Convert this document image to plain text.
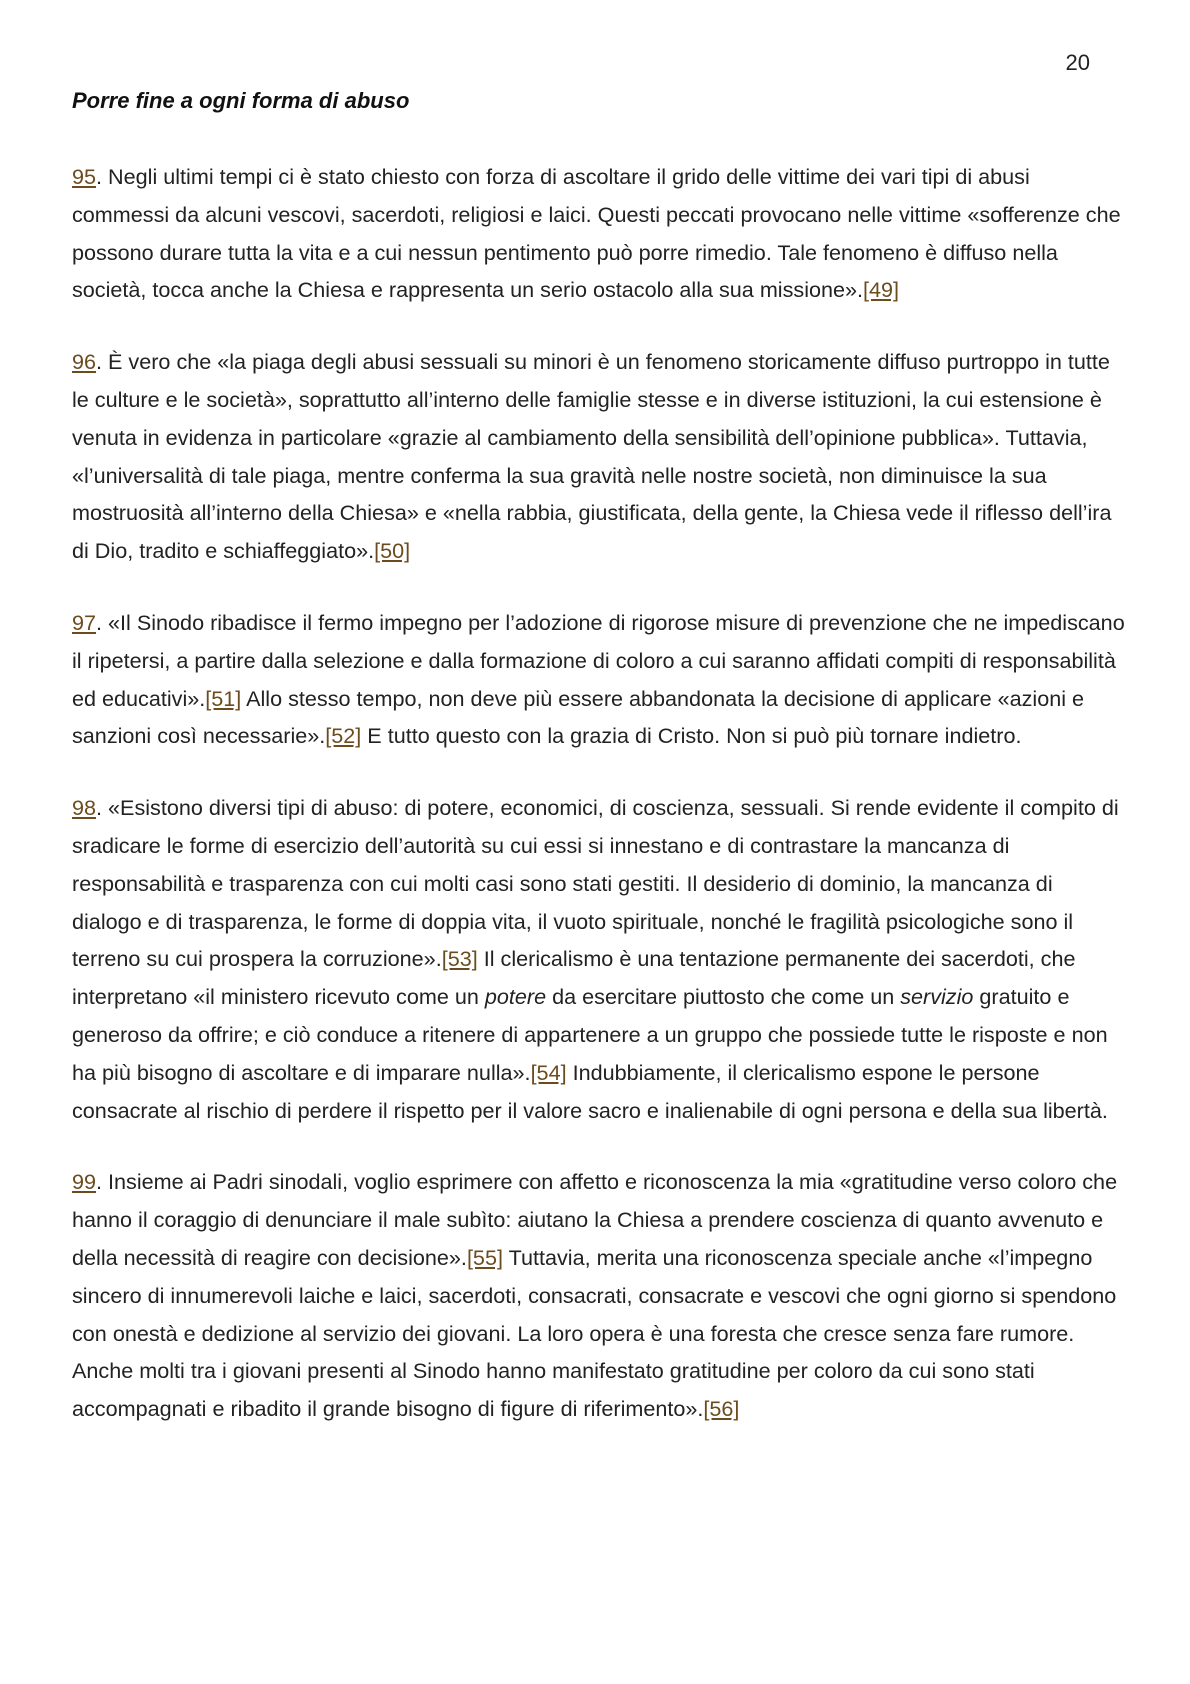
20
Porre fine a ogni forma di abuso

95. Negli ultimi tempi ci è stato chiesto con forza di ascoltare il grido delle vittime dei vari tipi di abusi commessi da alcuni vescovi, sacerdoti, religiosi e laici. Questi peccati provocano nelle vittime «sofferenze che possono durare tutta la vita e a cui nessun pentimento può porre rimedio. Tale fenomeno è diffuso nella società, tocca anche la Chiesa e rappresenta un serio ostacolo alla sua missione».[49]

96. È vero che «la piaga degli abusi sessuali su minori è un fenomeno storicamente diffuso purtroppo in tutte le culture e le società», soprattutto all’interno delle famiglie stesse e in diverse istituzioni, la cui estensione è venuta in evidenza in particolare «grazie al cambiamento della sensibilità dell’opinione pubblica». Tuttavia, «l’universalità di tale piaga, mentre conferma la sua gravità nelle nostre società, non diminuisce la sua mostruosità all’interno della Chiesa» e «nella rabbia, giustificata, della gente, la Chiesa vede il riflesso dell’ira di Dio, tradito e schiaffeggiato».[50]

97. «Il Sinodo ribadisce il fermo impegno per l’adozione di rigorose misure di prevenzione che ne impediscano il ripetersi, a partire dalla selezione e dalla formazione di coloro a cui saranno affidati compiti di responsabilità ed educativi».[51] Allo stesso tempo, non deve più essere abbandonata la decisione di applicare «azioni e sanzioni così necessarie».[52] E tutto questo con la grazia di Cristo. Non si può più tornare indietro.

98. «Esistono diversi tipi di abuso: di potere, economici, di coscienza, sessuali. Si rende evidente il compito di sradicare le forme di esercizio dell’autorità su cui essi si innestano e di contrastare la mancanza di responsabilità e trasparenza con cui molti casi sono stati gestiti. Il desiderio di dominio, la mancanza di dialogo e di trasparenza, le forme di doppia vita, il vuoto spirituale, nonché le fragilità psicologiche sono il terreno su cui prospera la corruzione».[53] Il clericalismo è una tentazione permanente dei sacerdoti, che interpretano «il ministero ricevuto come un potere da esercitare piuttosto che come un servizio gratuito e generoso da offrire; e ciò conduce a ritenere di appartenere a un gruppo che possiede tutte le risposte e non ha più bisogno di ascoltare e di imparare nulla».[54] Indubbiamente, il clericalismo espone le persone consacrate al rischio di perdere il rispetto per il valore sacro e inalienabile di ogni persona e della sua libertà.

99. Insieme ai Padri sinodali, voglio esprimere con affetto e riconoscenza la mia «gratitudine verso coloro che hanno il coraggio di denunciare il male subìto: aiutano la Chiesa a prendere coscienza di quanto avvenuto e della necessità di reagire con decisione».[55] Tuttavia, merita una riconoscenza speciale anche «l’impegno sincero di innumerevoli laiche e laici, sacerdoti, consacrati, consacrate e vescovi che ogni giorno si spendono con onestà e dedizione al servizio dei giovani. La loro opera è una foresta che cresce senza fare rumore. Anche molti tra i giovani presenti al Sinodo hanno manifestato gratitudine per coloro da cui sono stati accompagnati e ribadito il grande bisogno di figure di riferimento».[56]
